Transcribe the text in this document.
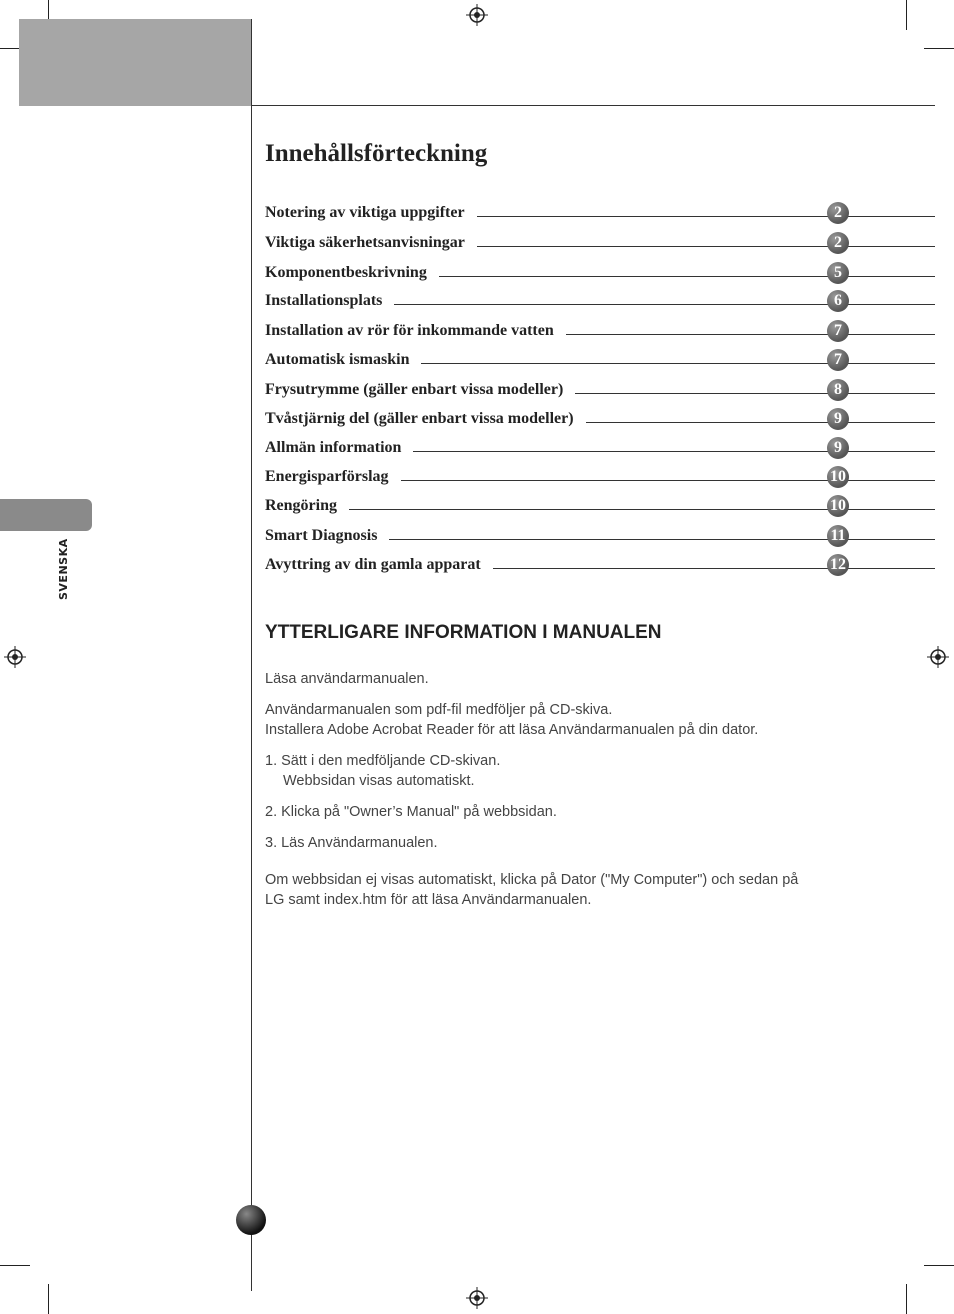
SVENSKA
Innehållsförteckning
Notering av viktiga uppgifter	2
Viktiga säkerhetsanvisningar	2
Komponentbeskrivning	5
Installationsplats	6
Installation av rör för inkommande vatten	7
Automatisk ismaskin	7
Frysutrymme (gäller enbart vissa modeller)	8
Tvåstjärnig del (gäller enbart vissa modeller)	9
Allmän information	9
Energisparförslag	10
Rengöring	10
Smart Diagnosis	11
Avyttring av din gamla apparat	12
YTTERLIGARE INFORMATION I MANUALEN
Läsa användarmanualen.
Användarmanualen som pdf-fil medföljer på CD-skiva.
Installera Adobe Acrobat Reader för att läsa Användarmanualen på din dator.
1. Sätt i den medföljande CD-skivan.
Webbsidan visas automatiskt.
2. Klicka på "Owner’s Manual" på webbsidan.
3. Läs Användarmanualen.
Om webbsidan ej visas automatiskt, klicka på Dator ("My Computer") och sedan på
LG samt index.htm för att läsa Användarmanualen.
